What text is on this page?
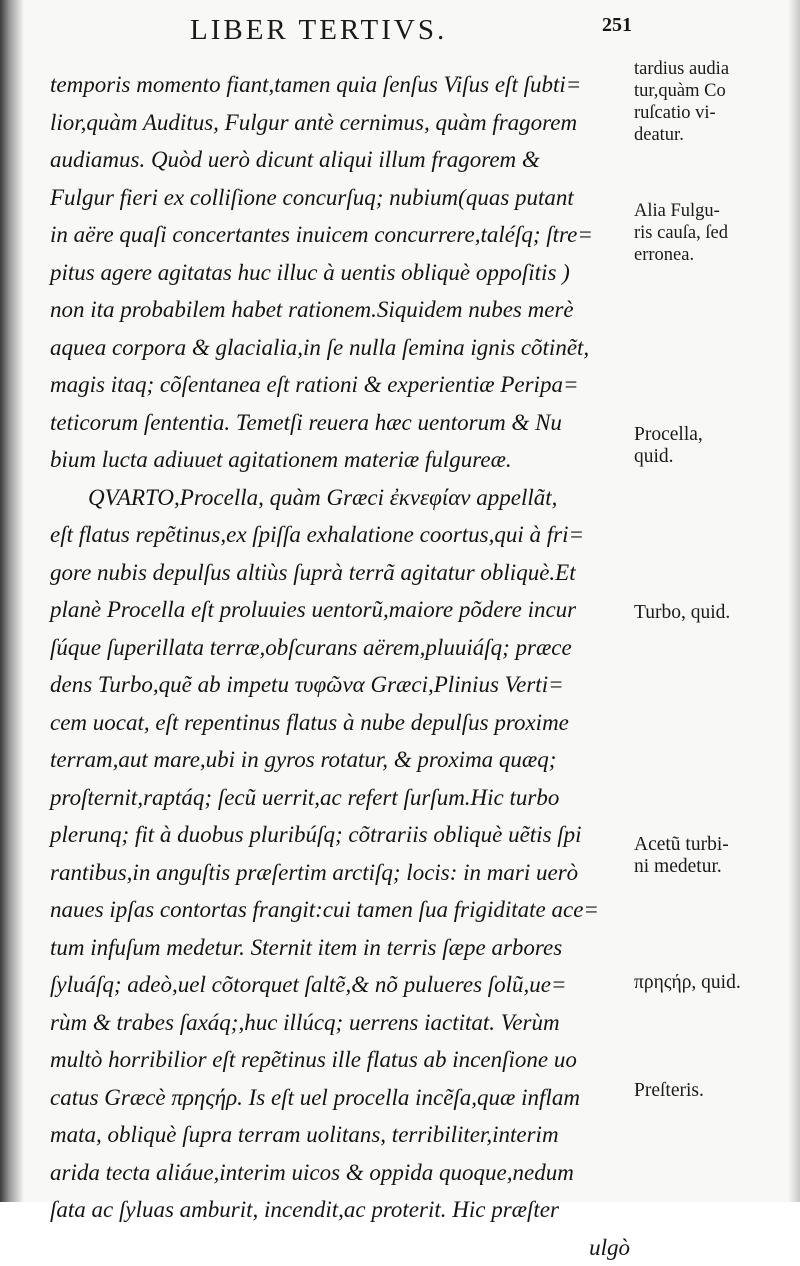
LIBER TERTIVS.	251
temporis momento fiant,tamen quia ſenſus Viſus eſt ſubti=
lior,quàm Auditus, Fulgur antè cernimus, quàm fragorem
audiamus. Quòd uerò dicunt aliqui illum fragorem &
Fulgur fieri ex colliſione concurſuq; nubium(quas putant
in aëre quaſi concertantes inuicem concurrere,taléſq; ſtre=
pitus agere agitatas huc illuc à uentis obliquè oppoſitis )
non ita probabilem habet rationem.Siquidem nubes merè
aquea corpora & glacialia,in ſe nulla ſemina ignis cõtinẽt,
magis itaq; cõſentanea eſt rationi & experientiæ Peripa=
teticorum ſententia. Temetſi reuera hæc uentorum & Nu
bium lucta adiuuet agitationem materiæ fulgureæ.
QVARTO,Procella, quàm Græci ἐκνεφίαν appellãt,
eſt flatus repẽtinus,ex ſpiſſa exhalatione coortus,qui à fri=
gore nubis depulſus altiùs ſuprà terrã agitatur obliquè.Et
planè Procella eſt proluuies uentorũ,maiore põdere incur
ſúque ſuperillata terræ,obſcurans aërem,pluuiáſq; præce
dens Turbo,quẽ ab impetu τυφῶνα Græci,Plinius Verti=
cem uocat, eſt repentinus flatus à nube depulſus proxime
terram,aut mare,ubi in gyros rotatur, & proxima quæq;
proſternit,raptáq; ſecũ uerrit,ac refert ſurſum.Hic turbo
plerunq; fit à duobus pluribúſq; cõtrariis obliquè uẽtis ſpi
rantibus,in anguſtis præſertim arctiſq; locis: in mari uerò
naues ipſas contortas frangit:cui tamen ſua frigiditate ace=
tum infuſum medetur. Sternit item in terris ſæpe arbores
ſyluáſq; adeò,uel cõtorquet ſaltẽ,& nõ pulueres ſolũ,ue=
rùm & trabes ſaxáq;,huc illúcq; uerrens iactitat. Verùm
multò horribilior eſt repẽtinus ille flatus ab incenſione uo
catus Græcè πρηςήρ. Is eſt uel procella incẽſa,quæ inflam
mata, obliquè ſupra terram uolitans, terribiliter,interim
arida tecta aliáue,interim uicos & oppida quoque,nedum
ſata ac ſyluas amburit, incendit,ac proterit. Hic præſter
ulgò
tardius audia
tur,quàm Co
ruſcatio vi-
deatur.
Alia Fulgu-
ris cauſa, ſed
erronea.
Procella,
quid.
Turbo, quid.
Acetũ turbi-
ni medetur.
πρηςήρ, quid.
Preſteris.
